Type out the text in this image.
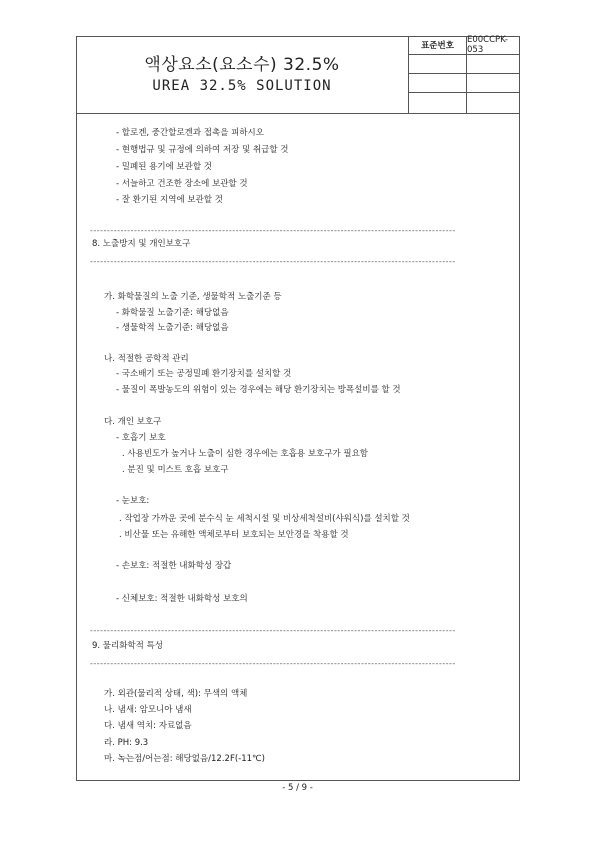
액상요소(요소수) 32.5%
UREA 32.5% SOLUTION
표준번호
E00CCPK-053
- 할로겐, 중간할로겐과 접촉을 피하시오
- 현행법규 및 규정에 의하여 저장 및 취급할 것
- 밀폐된 용기에 보관할 것
- 서늘하고 건조한 장소에 보관할 것
- 잘 환기된 지역에 보관할 것
------------------------------------------------------------------------------------------------------------
8. 노출방지 및 개인보호구
------------------------------------------------------------------------------------------------------------
가. 화학물질의 노출 기준, 생물학적 노출기준 등
- 화학물질 노출기준: 해당없음
- 생물학적 노출기준: 해당없음
나. 적절한 공학적 관리
- 국소배기 또는 공정밀폐 환기장치를 설치할 것
- 물질이 폭발농도의 위험이 있는 경우에는 해당 환기장치는 방폭설비를 할 것
다. 개인 보호구
- 호흡기 보호
. 사용빈도가 높거나 노출이 심한 경우에는 호흡용 보호구가 필요함
. 분진 및 미스트 호흡 보호구
- 눈보호:
. 작업장 가까운 곳에 분수식 눈 세척시설 및 비상세척설비(샤워식)를 설치할 것
. 비산물 또는 유해한 액체로부터 보호되는 보안경을 착용할 것
- 손보호: 적절한 내화학성 장갑
- 신체보호: 적절한 내화학성 보호의
------------------------------------------------------------------------------------------------------------
9. 물리화학적 특성
------------------------------------------------------------------------------------------------------------
가. 외관(물리적 상태, 색): 무색의 액체
나. 냄새: 암모니아 냄새
다. 냄새 역치: 자료없음
라. PH: 9.3
마. 녹는점/어는점: 해당없음/12.2F(-11℃)
- 5 / 9 -
